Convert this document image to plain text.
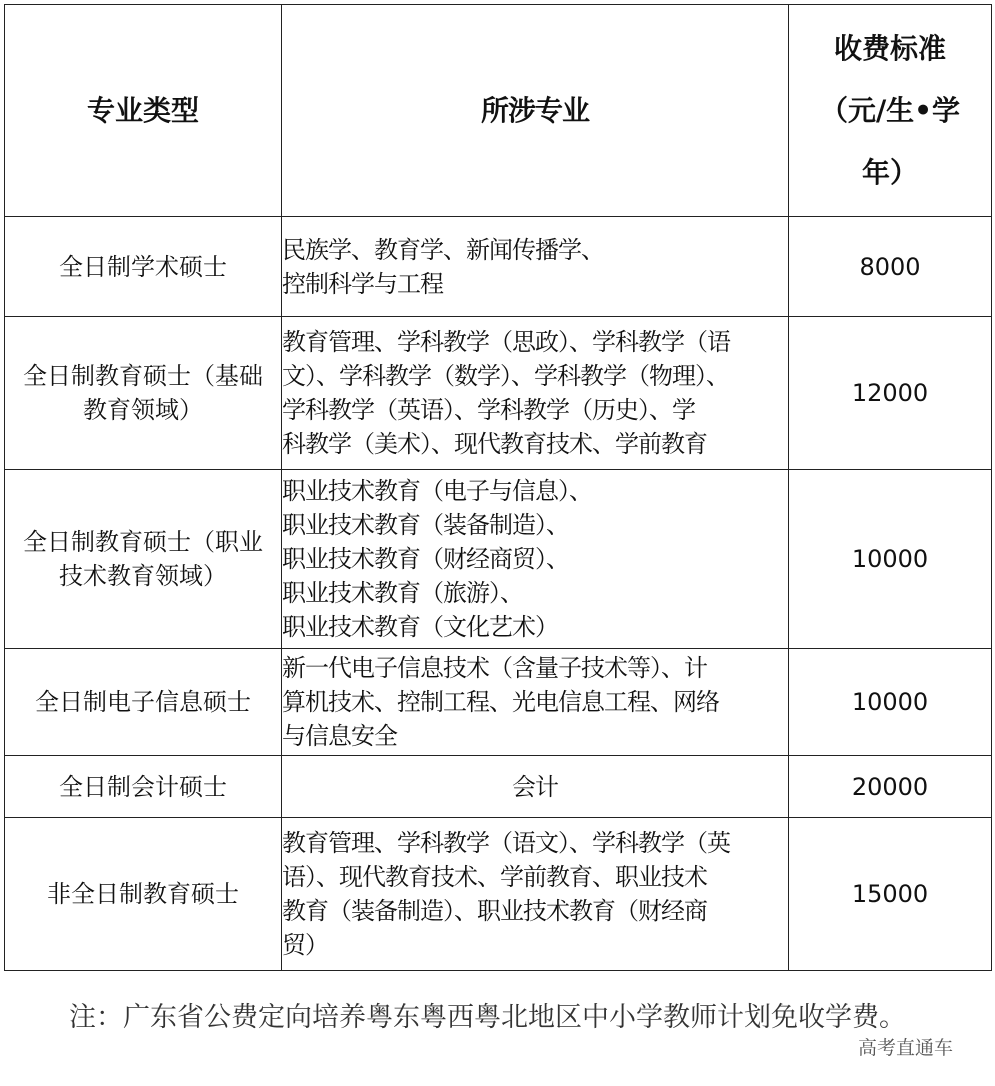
专业类型	所涉专业	收费标准
（元/生•学
年）

全日制学术硕士	民族学、教育学、新闻传播学、
控制科学与工程	8000

全日制教育硕士（基础
教育领域）	教育管理、学科教学（思政）、学科教学（语
文）、学科教学（数学）、学科教学（物理）、
学科教学（英语）、学科教学（历史）、学
科教学（美术）、现代教育技术、学前教育	12000

全日制教育硕士（职业
技术教育领域）	职业技术教育（电子与信息）、
职业技术教育（装备制造）、
职业技术教育（财经商贸）、
职业技术教育（旅游）、
职业技术教育（文化艺术）	10000

全日制电子信息硕士	新一代电子信息技术（含量子技术等）、计
算机技术、控制工程、光电信息工程、网络
与信息安全	10000

全日制会计硕士	会计	20000

非全日制教育硕士	教育管理、学科教学（语文）、学科教学（英
语）、现代教育技术、学前教育、职业技术
教育（装备制造）、职业技术教育（财经商
贸）	15000
注：广东省公费定向培养粤东粤西粤北地区中小学教师计划免收学费。
高考直通车
